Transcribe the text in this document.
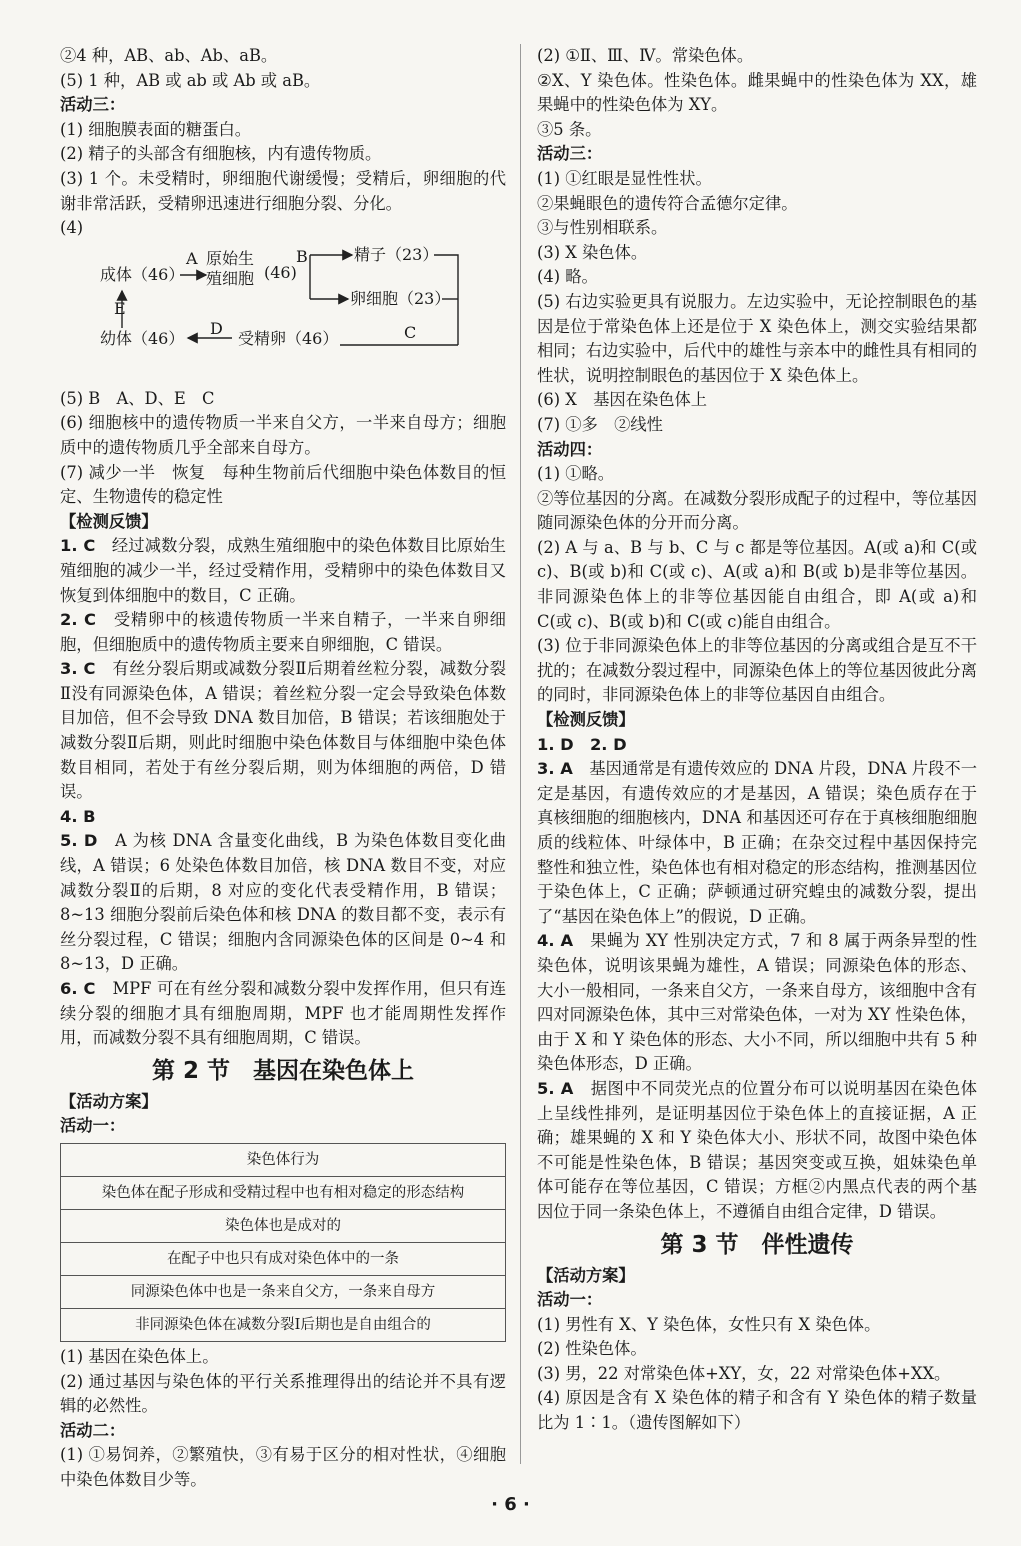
②4 种，AB、ab、Ab、aB。

(5) 1 种，AB 或 ab 或 Ab 或 aB。

活动三：

(1) 细胞膜表面的糖蛋白。

(2) 精子的头部含有细胞核，内有遗传物质。

(3) 1 个。未受精时，卵细胞代谢缓慢；受精后，卵细胞的代谢非常活跃，受精卵迅速进行细胞分裂、分化。

(4)

成体（46）
A 原始生
殖细胞 (46)
B	精子（23）
卵细胞（23）
E
幼体（46）
D
受精卵（46）	C

(5) B　A、D、E　C

(6) 细胞核中的遗传物质一半来自父方，一半来自母方；细胞质中的遗传物质几乎全部来自母方。

(7) 减少一半　恢复　每种生物前后代细胞中染色体数目的恒定、生物遗传的稳定性

【检测反馈】

1. C　 经过减数分裂，成熟生殖细胞中的染色体数目比原始生殖细胞的减少一半，经过受精作用，受精卵中的染色体数目又恢复到体细胞中的数目，C 正确。

2. C　 受精卵中的核遗传物质一半来自精子，一半来自卵细胞，但细胞质中的遗传物质主要来自卵细胞，C 错误。

3. C　 有丝分裂后期或减数分裂Ⅱ后期着丝粒分裂，减数分裂Ⅱ没有同源染色体，A 错误；着丝粒分裂一定会导致染色体数目加倍，但不会导致 DNA 数目加倍，B 错误；若该细胞处于减数分裂Ⅱ后期，则此时细胞中染色体数目与体细胞中染色体数目相同，若处于有丝分裂后期，则为体细胞的两倍，D 错误。

4. B

5. D　 A 为核 DNA 含量变化曲线，B 为染色体数目变化曲线，A 错误；6 处染色体数目加倍，核 DNA 数目不变，对应减数分裂Ⅱ的后期，8 对应的变化代表受精作用，B 错误；8~13 细胞分裂前后染色体和核 DNA 的数目都不变，表示有丝分裂过程，C 错误；细胞内含同源染色体的区间是 0~4 和 8~13，D 正确。

6. C　 MPF 可在有丝分裂和减数分裂中发挥作用，但只有连续分裂的细胞才具有细胞周期，MPF 也才能周期性发挥作用，而减数分裂不具有细胞周期，C 错误。

第 2 节　基因在染色体上

【活动方案】

活动一：

染色体行为
染色体在配子形成和受精过程中也有相对稳定的形态结构
染色体也是成对的
在配子中也只有成对染色体中的一条
同源染色体中也是一条来自父方，一条来自母方
非同源染色体在减数分裂Ⅰ后期也是自由组合的

(1) 基因在染色体上。

(2) 通过基因与染色体的平行关系推理得出的结论并不具有逻辑的必然性。

活动二：

(1) ①易饲养，②繁殖快，③有易于区分的相对性状，④细胞中染色体数目少等。

(2) ①Ⅱ、Ⅲ、Ⅳ。常染色体。

②X、Y 染色体。性染色体。雌果蝇中的性染色体为 XX，雄果蝇中的性染色体为 XY。

③5 条。

活动三：

(1) ①红眼是显性性状。

②果蝇眼色的遗传符合孟德尔定律。

③与性别相联系。

(3) X 染色体。

(4) 略。

(5) 右边实验更具有说服力。左边实验中，无论控制眼色的基因是位于常染色体上还是位于 X 染色体上，测交实验结果都相同；右边实验中，后代中的雄性与亲本中的雌性具有相同的性状，说明控制眼色的基因位于 X 染色体上。

(6) X　基因在染色体上

(7) ①多　②线性

活动四：

(1) ①略。

②等位基因的分离。在减数分裂形成配子的过程中，等位基因随同源染色体的分开而分离。

(2) A 与 a、B 与 b、C 与 c 都是等位基因。A(或 a)和 C(或 c)、B(或 b)和 C(或 c)、A(或 a)和 B(或 b)是非等位基因。非同源染色体上的非等位基因能自由组合，即 A(或 a)和 C(或 c)、B(或 b)和 C(或 c)能自由组合。

(3) 位于非同源染色体上的非等位基因的分离或组合是互不干扰的；在减数分裂过程中，同源染色体上的等位基因彼此分离的同时，非同源染色体上的非等位基因自由组合。

【检测反馈】

1. D　2. D

3. A　 基因通常是有遗传效应的 DNA 片段，DNA 片段不一定是基因，有遗传效应的才是基因，A 错误；染色质存在于真核细胞的细胞核内，DNA 和基因还可存在于真核细胞细胞质的线粒体、叶绿体中，B 正确；在杂交过程中基因保持完整性和独立性，染色体也有相对稳定的形态结构，推测基因位于染色体上，C 正确；萨顿通过研究蝗虫的减数分裂，提出了“基因在染色体上”的假说，D 正确。

4. A　 果蝇为 XY 性别决定方式，7 和 8 属于两条异型的性染色体，说明该果蝇为雄性，A 错误；同源染色体的形态、大小一般相同，一条来自父方，一条来自母方，该细胞中含有四对同源染色体，其中三对常染色体，一对为 XY 性染色体，由于 X 和 Y 染色体的形态、大小不同，所以细胞中共有 5 种染色体形态，D 正确。

5. A　 据图中不同荧光点的位置分布可以说明基因在染色体上呈线性排列，是证明基因位于染色体上的直接证据，A 正确；雄果蝇的 X 和 Y 染色体大小、形状不同，故图中染色体不可能是性染色体，B 错误；基因突变或互换，姐妹染色单体可能存在等位基因，C 错误；方框②内黑点代表的两个基因位于同一条染色体上，不遵循自由组合定律，D 错误。

第 3 节　伴性遗传

【活动方案】

活动一：

(1) 男性有 X、Y 染色体，女性只有 X 染色体。

(2) 性染色体。

(3) 男，22 对常染色体+XY，女，22 对常染色体+XX。

(4) 原因是含有 X 染色体的精子和含有 Y 染色体的精子数量比为 1∶1。（遗传图解如下）

· 6 ·
